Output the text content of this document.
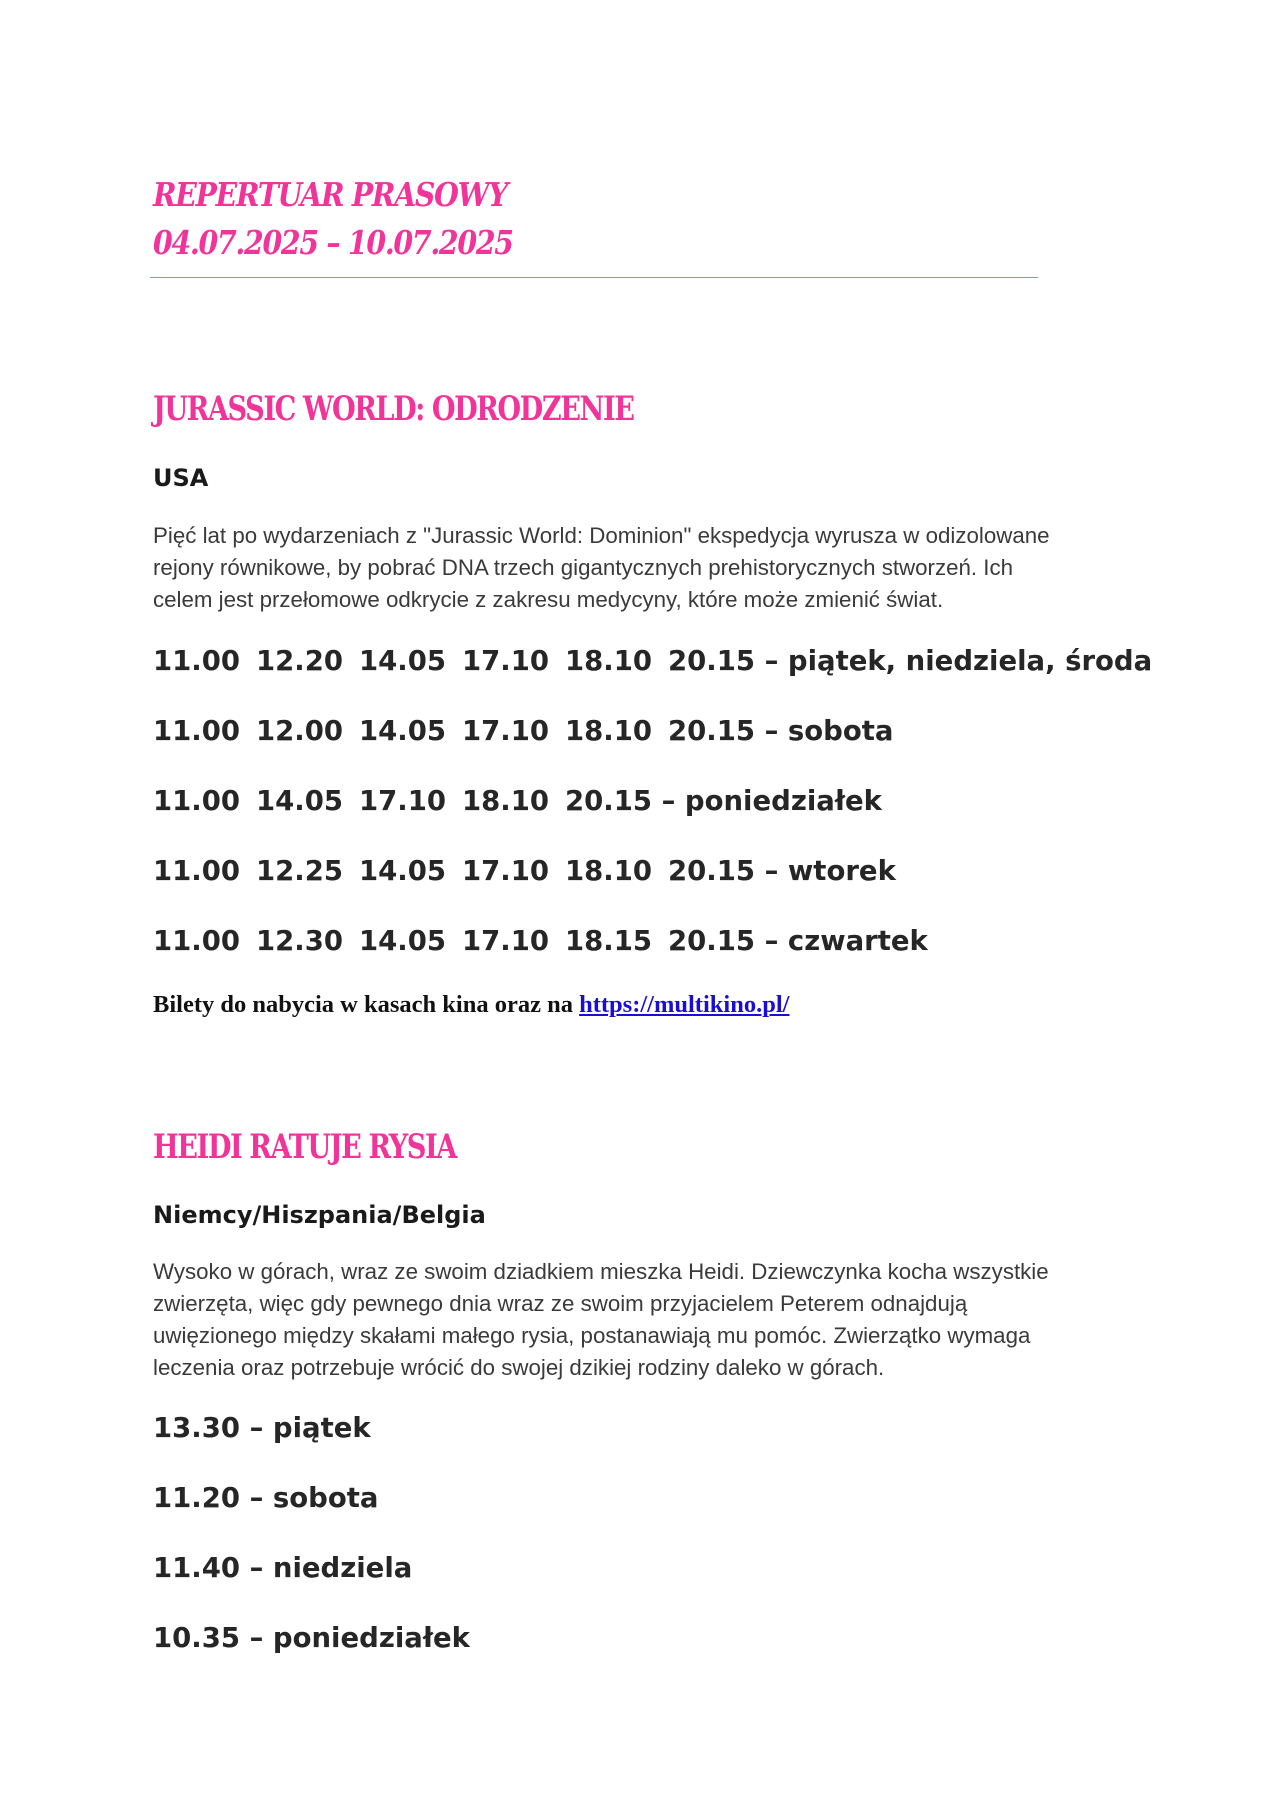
REPERTUAR PRASOWY
04.07.2025 – 10.07.2025
JURASSIC WORLD: ODRODZENIE
USA
Pięć lat po wydarzeniach z "Jurassic World: Dominion" ekspedycja wyrusza w odizolowane
rejony równikowe, by pobrać DNA trzech gigantycznych prehistorycznych stworzeń. Ich
celem jest przełomowe odkrycie z zakresu medycyny, które może zmienić świat.
11.00 12.20 14.05 17.10 18.10 20.15 – piątek, niedziela, środa
11.00 12.00 14.05 17.10 18.10 20.15 – sobota
11.00 14.05 17.10 18.10 20.15 – poniedziałek
11.00 12.25 14.05 17.10 18.10 20.15 – wtorek
11.00 12.30 14.05 17.10 18.15 20.15 – czwartek
Bilety do nabycia w kasach kina oraz na https://multikino.pl/
HEIDI RATUJE RYSIA
Niemcy/Hiszpania/Belgia
Wysoko w górach, wraz ze swoim dziadkiem mieszka Heidi. Dziewczynka kocha wszystkie
zwierzęta, więc gdy pewnego dnia wraz ze swoim przyjacielem Peterem odnajdują
uwięzionego między skałami małego rysia, postanawiają mu pomóc. Zwierzątko wymaga
leczenia oraz potrzebuje wrócić do swojej dzikiej rodziny daleko w górach.
13.30 – piątek
11.20 – sobota
11.40 – niedziela
10.35 – poniedziałek
